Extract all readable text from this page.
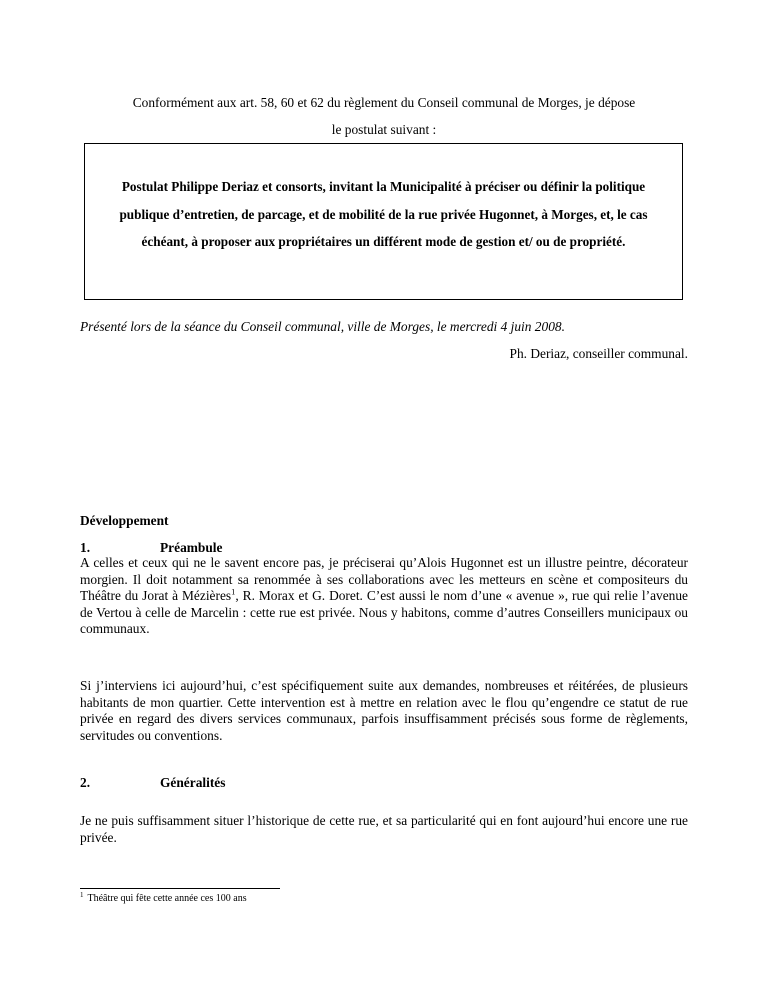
Conformément aux art. 58, 60 et 62 du règlement du Conseil communal de Morges, je dépose
le postulat suivant :

Postulat Philippe Deriaz et consorts, invitant la Municipalité à préciser ou définir la politique publique d’entretien, de parcage, et de mobilité de la rue privée Hugonnet, à Morges, et, le cas échéant, à proposer aux propriétaires un différent mode de gestion et/ ou de propriété.

Présenté lors de la séance du Conseil communal, ville de Morges, le mercredi 4 juin 2008.

Ph. Deriaz, conseiller communal.

Développement

1.	Préambule

A celles et ceux qui ne le savent encore pas, je préciserai qu’Alois Hugonnet est un illustre peintre, décorateur morgien. Il doit notamment sa renommée à ses collaborations avec les metteurs en scène et compositeurs du Théâtre du Jorat à Mézières$^1$, R. Morax et G. Doret. C’est aussi le nom d’une « avenue », rue qui relie l’avenue de Vertou à celle de Marcelin : cette rue est privée. Nous y habitons, comme d’autres Conseillers municipaux ou communaux.

Si j’interviens ici aujourd’hui, c’est spécifiquement suite aux demandes, nombreuses et réitérées, de plusieurs habitants de mon quartier. Cette intervention est à mettre en relation avec le flou qu’engendre ce statut de rue privée en regard des divers services communaux, parfois insuffisamment précisés sous forme de règlements, servitudes ou conventions.

2.	Généralités

Je ne puis suffisamment situer l’historique de cette rue, et sa particularité qui en font aujourd’hui encore une rue privée.

$^1$ Théâtre qui fête cette année ces 100 ans
